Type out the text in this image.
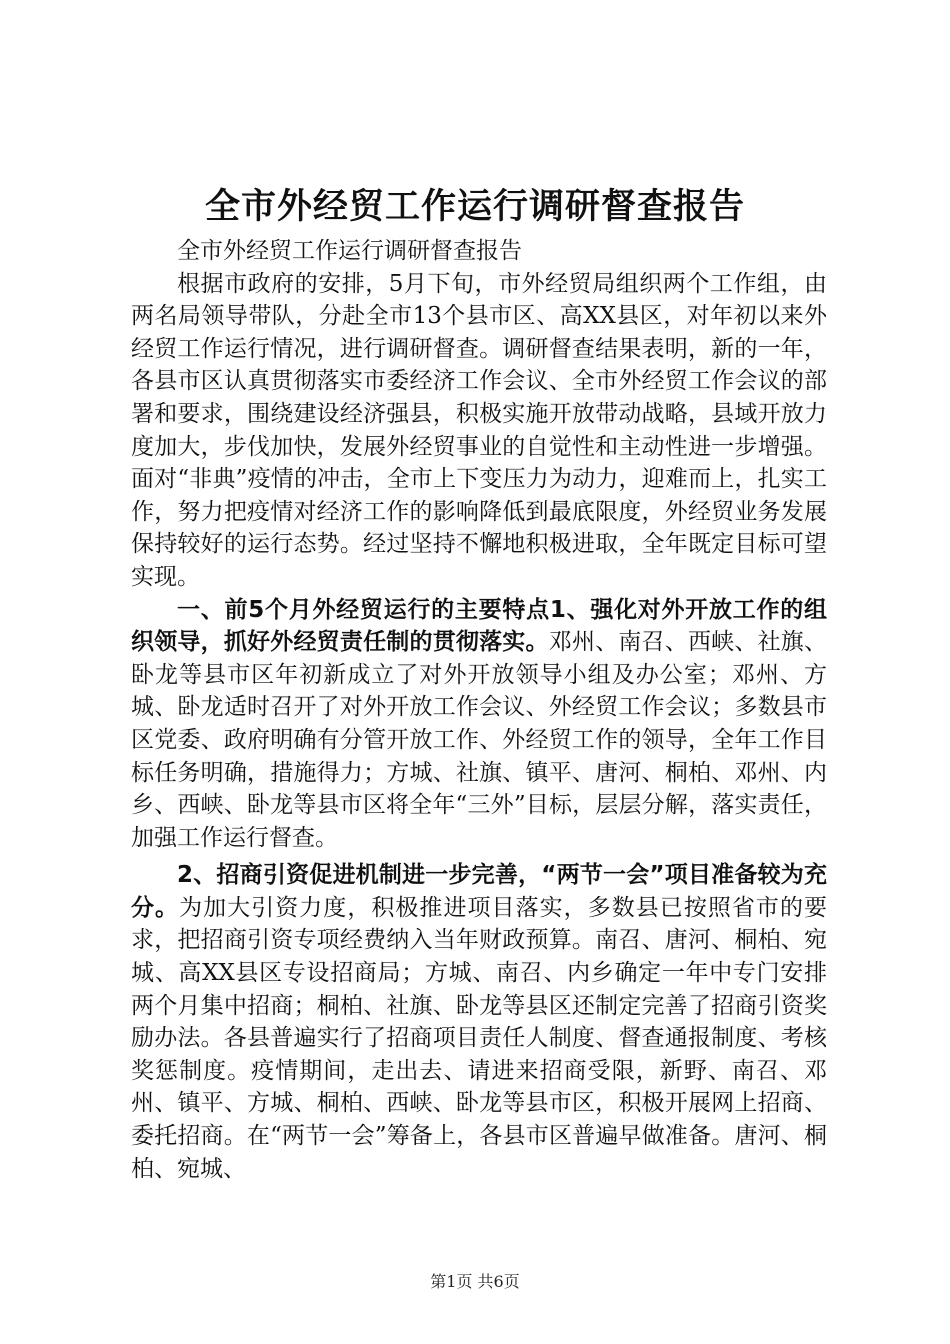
全市外经贸工作运行调研督查报告

全市外经贸工作运行调研督查报告

根据市政府的安排，5月下旬，市外经贸局组织两个工作组，由两名局领导带队，分赴全市13个县市区、高XX县区，对年初以来外经贸工作运行情况，进行调研督查。调研督查结果表明，新的一年，各县市区认真贯彻落实市委经济工作会议、全市外经贸工作会议的部署和要求，围绕建设经济强县，积极实施开放带动战略，县域开放力度加大，步伐加快，发展外经贸事业的自觉性和主动性进一步增强。面对“非典”疫情的冲击，全市上下变压力为动力，迎难而上，扎实工作，努力把疫情对经济工作的影响降低到最底限度，外经贸业务发展保持较好的运行态势。经过坚持不懈地积极进取，全年既定目标可望实现。

一、前5个月外经贸运行的主要特点1、强化对外开放工作的组织领导，抓好外经贸责任制的贯彻落实。邓州、南召、西峡、社旗、卧龙等县市区年初新成立了对外开放领导小组及办公室；邓州、方城、卧龙适时召开了对外开放工作会议、外经贸工作会议；多数县市区党委、政府明确有分管开放工作、外经贸工作的领导，全年工作目标任务明确，措施得力；方城、社旗、镇平、唐河、桐柏、邓州、内乡、西峡、卧龙等县市区将全年“三外”目标，层层分解，落实责任，加强工作运行督查。

2、招商引资促进机制进一步完善，“两节一会”项目准备较为充分。为加大引资力度，积极推进项目落实，多数县已按照省市的要求，把招商引资专项经费纳入当年财政预算。南召、唐河、桐柏、宛城、高XX县区专设招商局；方城、南召、内乡确定一年中专门安排两个月集中招商；桐柏、社旗、卧龙等县区还制定完善了招商引资奖励办法。各县普遍实行了招商项目责任人制度、督查通报制度、考核奖惩制度。疫情期间，走出去、请进来招商受限，新野、南召、邓州、镇平、方城、桐柏、西峡、卧龙等县市区，积极开展网上招商、委托招商。在“两节一会”筹备上，各县市区普遍早做准备。唐河、桐柏、宛城、

第1页 共6页
